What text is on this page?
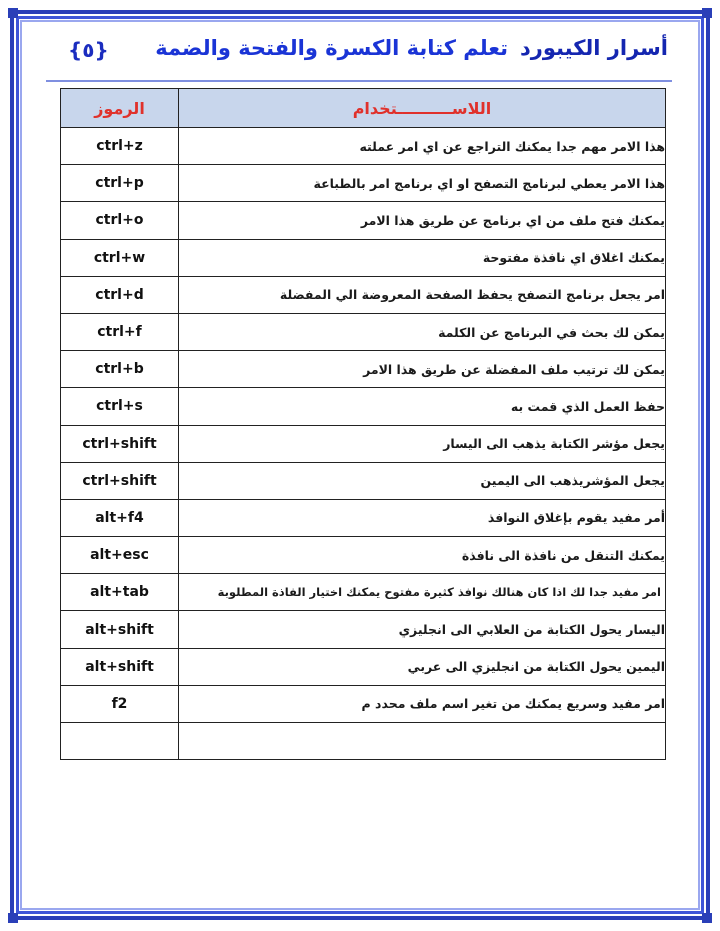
أسرار الكيبوردتعلم كتابة الكسرة والفتحة والضمة
{٥}
الرموز	اللاســــــــــتخدام
ctrl+z	هذا الامر مهم جدا يمكنك التراجع عن اي امر عملته
ctrl+p	هذا الامر يعطي لبرنامج التصفح او اي برنامج امر بالطباعة
ctrl+o	يمكنك فتح ملف من اي برنامج عن طريق هذا الامر
ctrl+w	يمكنك اغلاق اي نافذة مفتوحة
ctrl+d	امر يجعل برنامج التصفح يحفظ الصفحة المعروضة الي المفضلة
ctrl+f	يمكن لك بحث في البرنامج عن الكلمة
ctrl+b	يمكن لك ترتيب ملف المفضلة عن طريق هذا الامر
ctrl+s	حفظ العمل الذي قمت به
ctrl+shift	يجعل مؤشر الكتابة يذهب الى اليسار
ctrl+shift	يجعل المؤشريذهب الى اليمين
alt+f4	أمر مفيد يقوم بإغلاق النوافذ
alt+esc	يمكنك التنقل من نافذة الى نافذة
alt+tab	امر مفيد جدا لك اذا كان هنالك نوافذ كثيرة مفتوح يمكنك اختيار الفاذة المطلوبة
alt+shift	اليسار يحول الكتابة من العلابي الى انجليزي
alt+shift	اليمين يحول الكتابة من انجليزي الى عربي
f2	امر مفيد وسريع يمكنك من تغير اسم ملف محدد م
